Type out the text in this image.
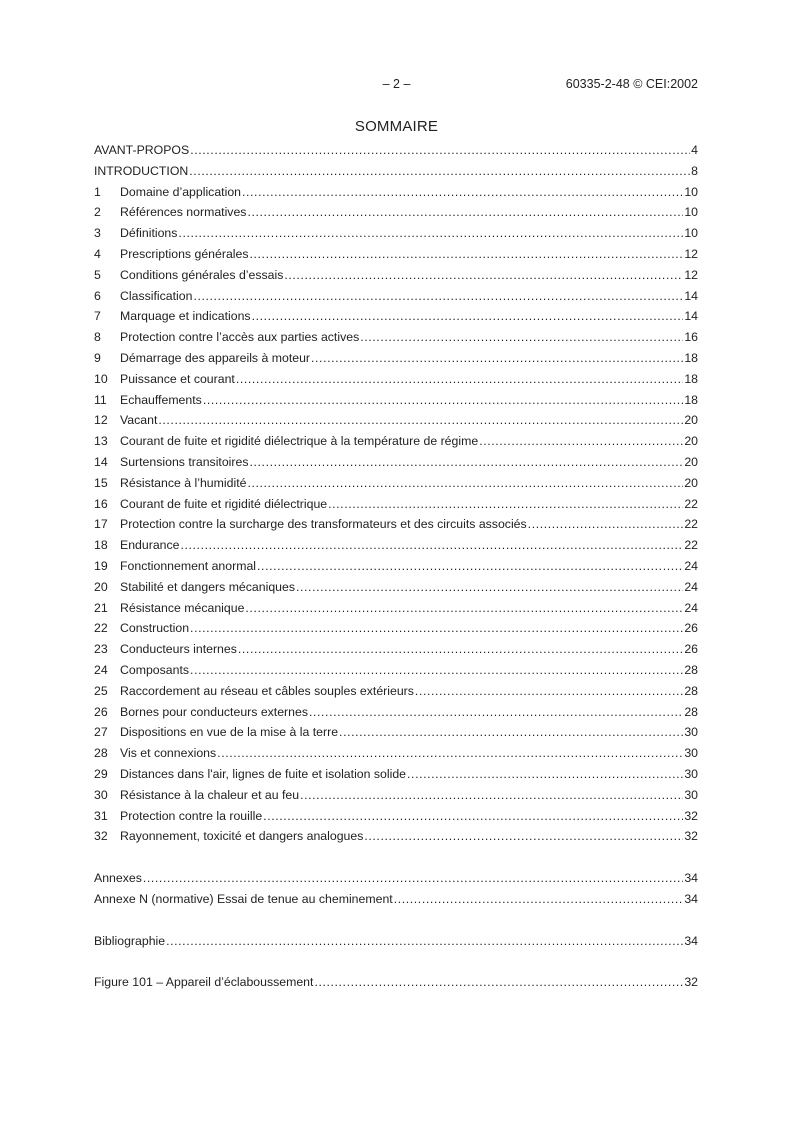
– 2 –	60335-2-48 © CEI:2002
SOMMAIRE
AVANT-PROPOS .....	4
INTRODUCTION .....	8
1	Domaine d’application .....	10
2	Références normatives .....	10
3	Définitions .....	10
4	Prescriptions générales .....	12
5	Conditions générales d’essais .....	12
6	Classification .....	14
7	Marquage et indications .....	14
8	Protection contre l’accès aux parties actives .....	16
9	Démarrage des appareils à moteur .....	18
10	Puissance et courant .....	18
11	Echauffements .....	18
12	Vacant .....	20
13	Courant de fuite et rigidité diélectrique à la température de régime .....	20
14	Surtensions transitoires .....	20
15	Résistance à l’humidité .....	20
16	Courant de fuite et rigidité diélectrique .....	22
17	Protection contre la surcharge des transformateurs et des circuits associés .....	22
18	Endurance .....	22
19	Fonctionnement anormal .....	24
20	Stabilité et dangers mécaniques .....	24
21	Résistance mécanique .....	24
22	Construction .....	26
23	Conducteurs internes .....	26
24	Composants .....	28
25	Raccordement au réseau et câbles souples extérieurs .....	28
26	Bornes pour conducteurs externes .....	28
27	Dispositions en vue de la mise à la terre .....	30
28	Vis et connexions .....	30
29	Distances dans l'air, lignes de fuite et isolation solide .....	30
30	Résistance à la chaleur et au feu .....	30
31	Protection contre la rouille .....	32
32	Rayonnement, toxicité et dangers analogues .....	32
Annexes .....	34
Annexe N (normative) Essai de tenue au cheminement .....	34
Bibliographie .....	34
Figure 101 – Appareil d’éclaboussement .....	32
